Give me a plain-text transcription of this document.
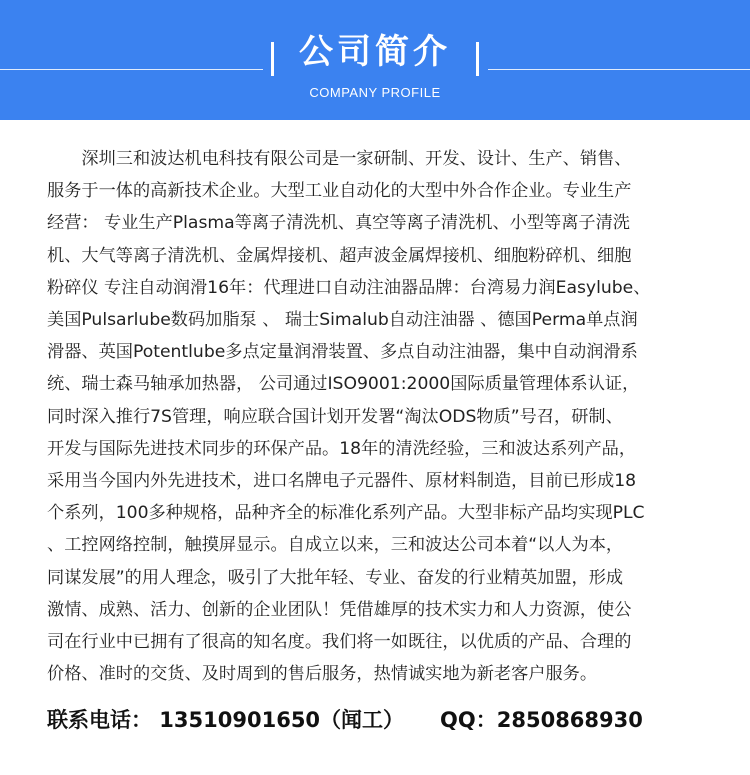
公司简介
COMPANY PROFILE
　　深圳三和波达机电科技有限公司是一家研制、开发、设计、生产、销售、
服务于一体的高新技术企业。大型工业自动化的大型中外合作企业。专业生产
经营： 专业生产Plasma等离子清洗机、真空等离子清洗机、小型等离子清洗
机、大气等离子清洗机、金属焊接机、超声波金属焊接机、细胞粉碎机、细胞
粉碎仪 专注自动润滑16年：代理进口自动注油器品牌：台湾易力润Easylube、
美国Pulsarlube数码加脂泵 、 瑞士Simalub自动注油器 、德国Perma单点润
滑器、英国Potentlube多点定量润滑装置、多点自动注油器，集中自动润滑系
统、瑞士森马轴承加热器， 公司通过ISO9001:2000国际质量管理体系认证，
同时深入推行7S管理，响应联合国计划开发署“淘汰ODS物质”号召，研制、
开发与国际先进技术同步的环保产品。18年的清洗经验，三和波达系列产品，
采用当今国内外先进技术，进口名牌电子元器件、原材料制造，目前已形成18
个系列，100多种规格，品种齐全的标准化系列产品。大型非标产品均实现PLC
、工控网络控制，触摸屏显示。自成立以来，三和波达公司本着“以人为本，
同谋发展”的用人理念，吸引了大批年轻、专业、奋发的行业精英加盟，形成
激情、成熟、活力、创新的企业团队！凭借雄厚的技术实力和人力资源，使公
司在行业中已拥有了很高的知名度。我们将一如既往，以优质的产品、合理的
价格、准时的交货、及时周到的售后服务，热情诚实地为新老客户服务。
联系电话： 13510901650（闻工） QQ：2850868930
